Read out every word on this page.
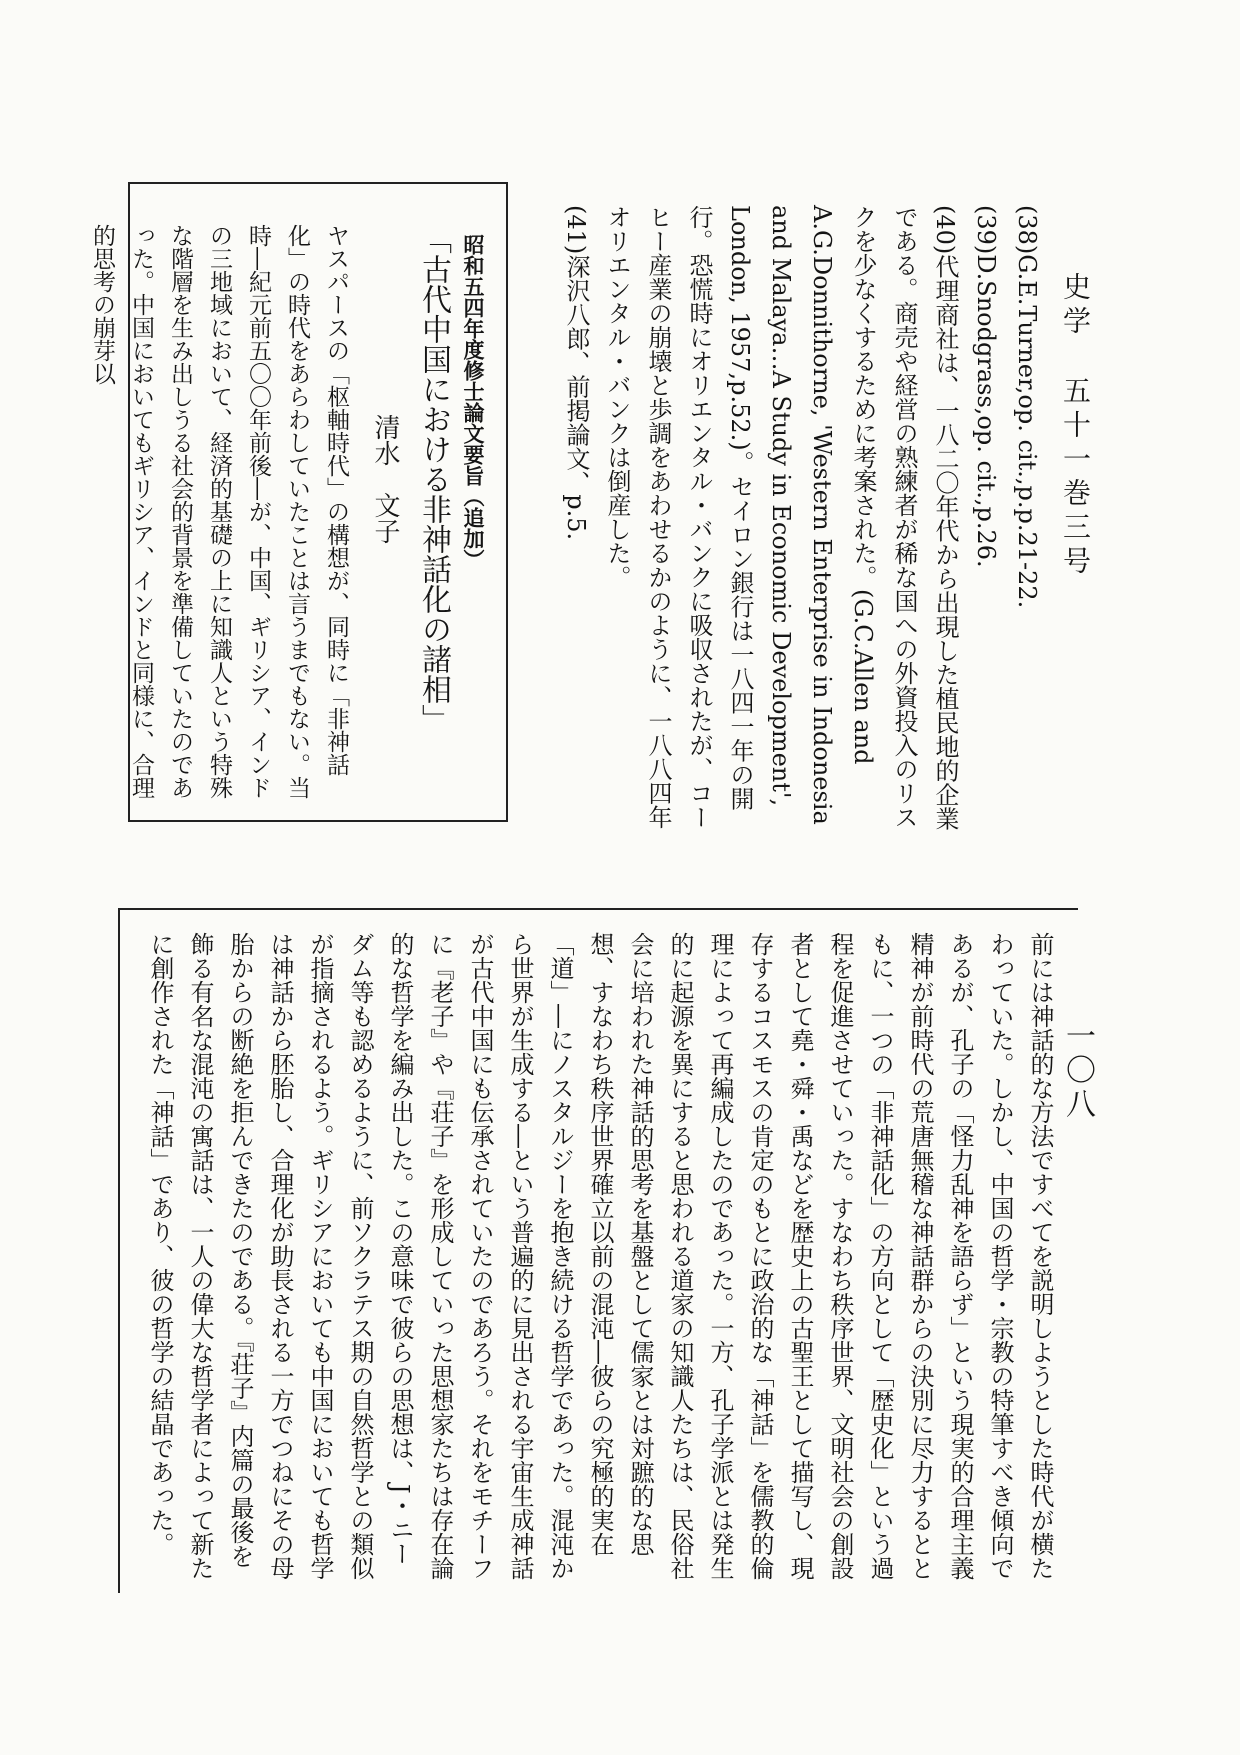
史学五十一巻三号
一〇八

(38)G.E.Turner,op. cit.,p.p.21-22.

(39)D.Snodgrass,op. cit.,p.26.

(40)代理商社は、一八二〇年代から出現した植民地的企業である。商売や経営の熟練者が稀な国への外資投入のリスクを少なくするために考案された。(G.C.Allen and A.G.Donnithorne, 'Western Enterprise in Indonesia and Malaya…A Study in Economic Development', London, 1957,p.52.)。セイロン銀行は一八四一年の開行。恐慌時にオリエンタル・バンクに吸収されたが、コーヒー産業の崩壊と歩調をあわせるかのように、一八八四年オリエンタル・バンクは倒産した。

(41)深沢八郎、前掲論文、p.5.

昭和五四年度修士論文要旨（追加）
「古代中国における非神話化の諸相」
清水　文子
ヤスパースの「枢軸時代」の構想が、同時に「非神話化」の時代をあらわしていたことは言うまでもない。当時―紀元前五〇〇年前後―が、中国、ギリシア、インドの三地域において、経済的基礎の上に知識人という特殊な階層を生み出しうる社会的背景を準備していたのであった。中国においてもギリシア、インドと同様に、合理的思考の崩芽以
前には神話的な方法ですべてを説明しようとした時代が横たわっていた。しかし、中国の哲学・宗教の特筆すべき傾向であるが、孔子の「怪力乱神を語らず」という現実的合理主義精神が前時代の荒唐無稽な神話群からの決別に尽力するとともに、一つの「非神話化」の方向として「歴史化」という過程を促進させていった。すなわち秩序世界、文明社会の創設者として堯・舜・禹などを歴史上の古聖王として描写し、現存するコスモスの肯定のもとに政治的な「神話」を儒教的倫理によって再編成したのであった。一方、孔子学派とは発生的に起源を異にすると思われる道家の知識人たちは、民俗社会に培われた神話的思考を基盤として儒家とは対蹠的な思想、すなわち秩序世界確立以前の混沌―彼らの究極的実在「道」―にノスタルジーを抱き続ける哲学であった。混沌から世界が生成する―という普遍的に見出される宇宙生成神話が古代中国にも伝承されていたのであろう。それをモチーフに『老子』や『荘子』を形成していった思想家たちは存在論的な哲学を編み出した。この意味で彼らの思想は、J・ニーダム等も認めるように、前ソクラテス期の自然哲学との類似が指摘されるよう。ギリシアにおいても中国においても哲学は神話から胚胎し、合理化が助長される一方でつねにその母胎からの断絶を拒んできたのである。『荘子』内篇の最後を飾る有名な混沌の寓話は、一人の偉大な哲学者によって新たに創作された「神話」であり、彼の哲学の結晶であった。
